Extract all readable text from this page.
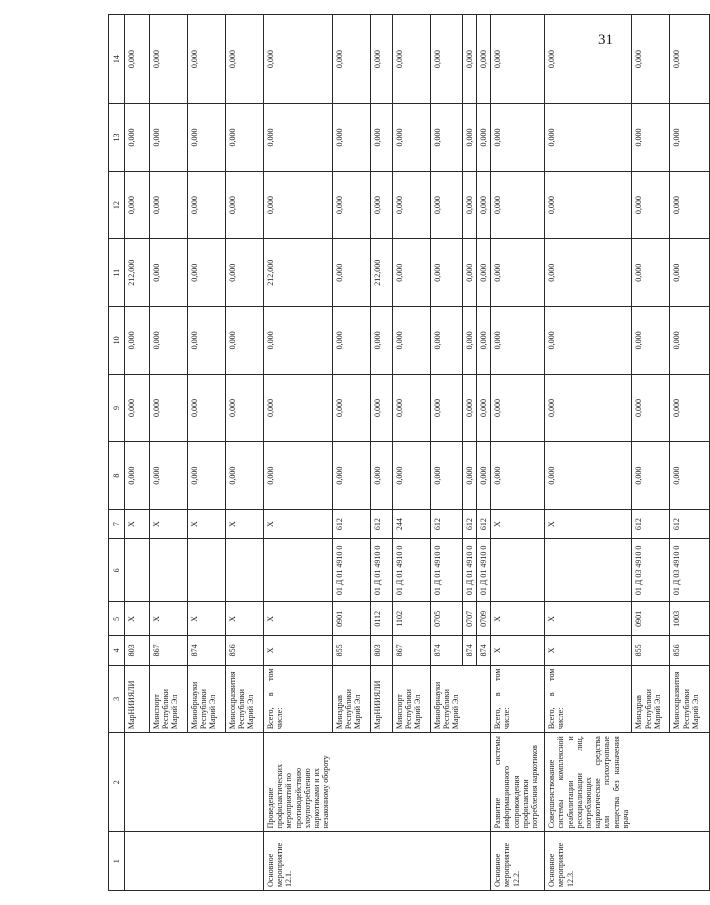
31
1	2	3	4	5	6	7	8	9	10	11	12	13	14
		МарНИИЯЛИ	803	X		X	0,000	0,000	0,000	212,000	0,000	0,000	0,000
		Минспорт Республики Марий Эл	867	X		X	0,000	0,000	0,000	0,000	0,000	0,000	0,000
		Минобрнауки Республики Марий Эл	874	X		X	0,000	0,000	0,000	0,000	0,000	0,000	0,000
		Минсоцразвития Республики Марий Эл	856	X		X	0,000	0,000	0,000	0,000	0,000	0,000	0,000
Основное мероприятие 12.1.	Проведение профилактических мероприятий по противодействию злоупотреблению наркотиками и их незаконному обороту	Всего, в том числе:	X	X		X	0,000	0,000	0,000	212,000	0,000	0,000	0,000
		Минздрав Республики Марий Эл	855	0901	01 Д 01 4910 0	612	0,000	0,000	0,000	0,000	0,000	0,000	0,000
		МарНИИЯЛИ	803	0112	01 Д 01 4910 0	612	0,000	0,000	0,000	212,000	0,000	0,000	0,000
		Минспорт Республики Марий Эл	867	1102	01 Д 01 4910 0	244	0,000	0,000	0,000	0,000	0,000	0,000	0,000
		Минобрнауки Республики Марий Эл	874	0705	01 Д 01 4910 0	612	0,000	0,000	0,000	0,000	0,000	0,000	0,000
			874	0707	01 Д 01 4910 0	612	0,000	0,000	0,000	0,000	0,000	0,000	0,000
			874	0709	01 Д 01 4910 0	612	0,000	0,000	0,000	0,000	0,000	0,000	0,000
Основное мероприятие 12.2.	Развитие системы информационного сопровождения профилактики потребления наркотиков	Всего, в том числе:	X	X		X	0,000	0,000	0,000	0,000	0,000	0,000	0,000
Основное мероприятие 12.3.	Совершенствование системы комплексной реабилитации и ресоциализации лиц, потребляющих наркотические средства или психотропные вещества без назначения врача	Всего, в том числе:	X	X		X	0,000	0,000	0,000	0,000	0,000	0,000	0,000
		Минздрав Республики Марий Эл	855	0901	01 Д 03 4910 0	612	0,000	0,000	0,000	0,000	0,000	0,000	0,000
		Минсоцразвития Республики Марий Эл	856	1003	01 Д 03 4910 0	612	0,000	0,000	0,000	0,000	0,000	0,000	0,000
